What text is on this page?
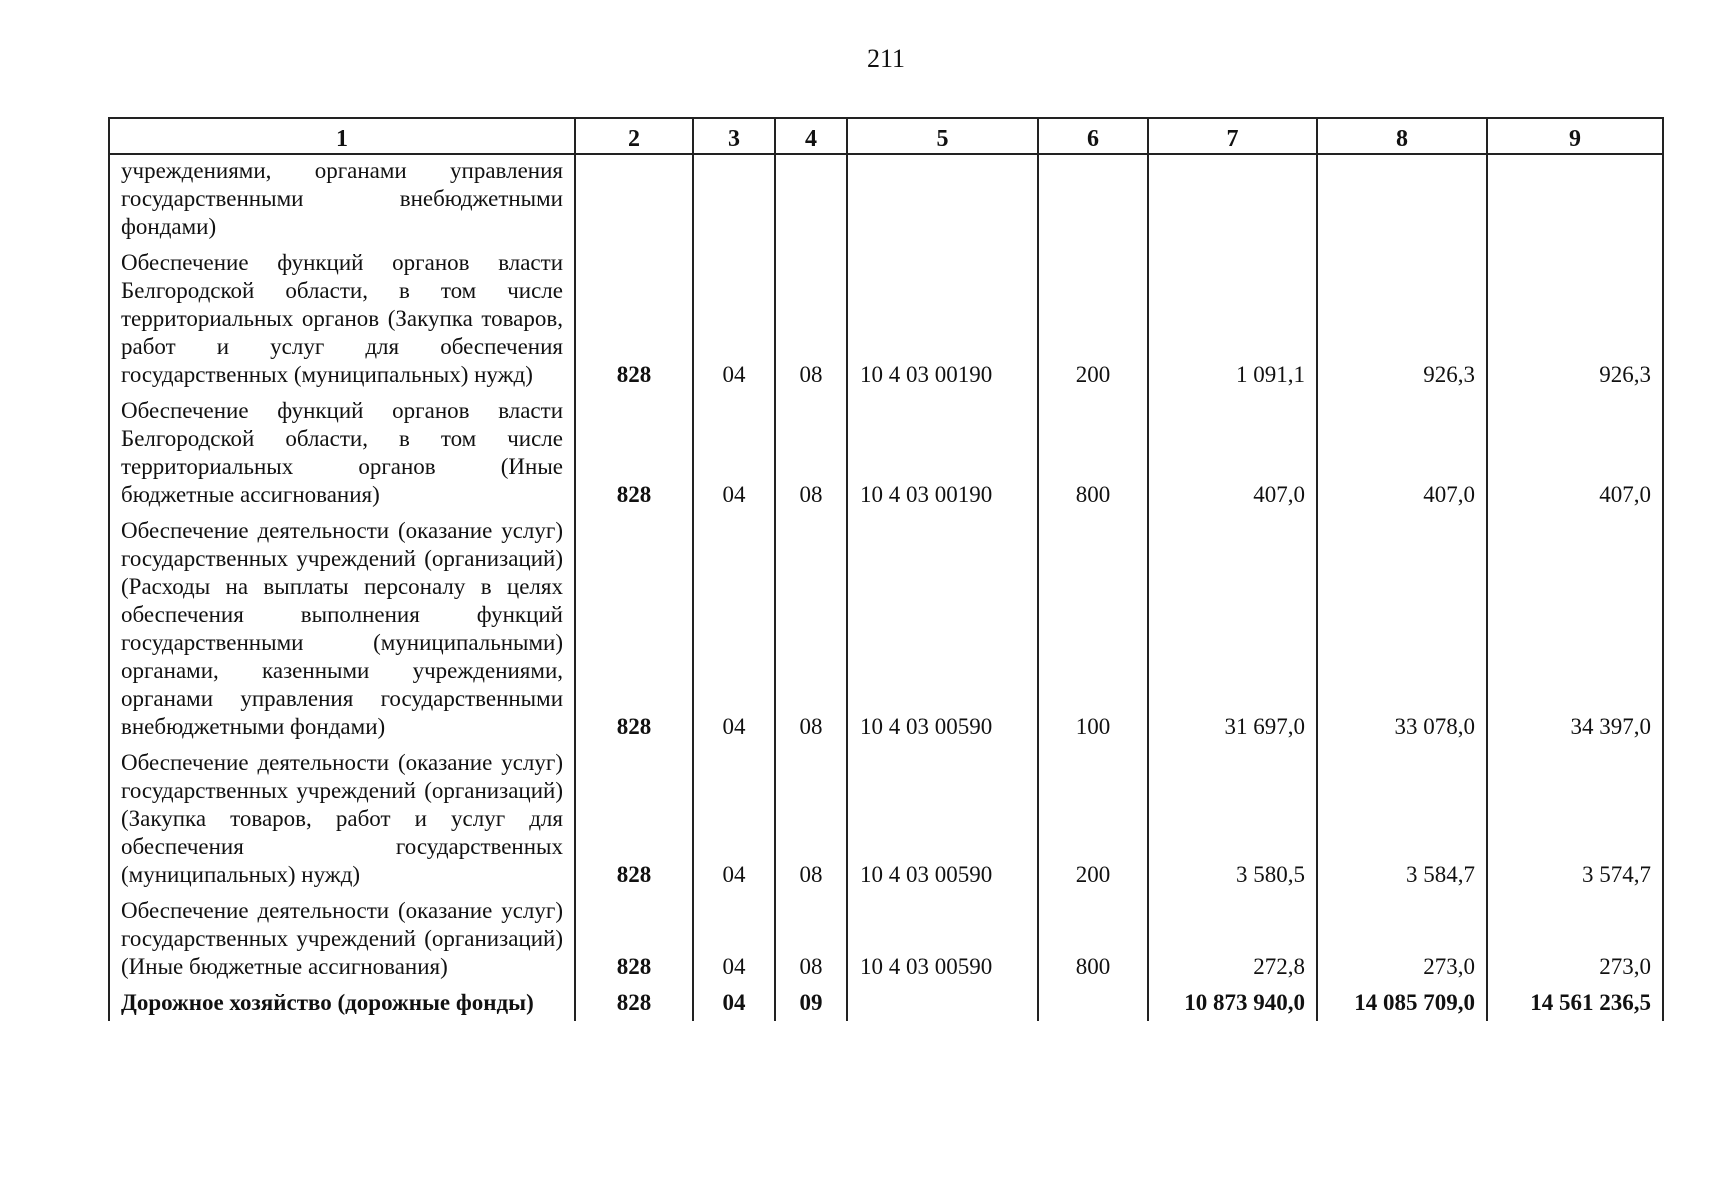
211
1	2	3	4	5	6	7	8	9
учреждениями, органами управления государственными внебюджетными фондами)								
Обеспечение функций органов власти Белгородской области, в том числе территориальных органов (Закупка товаров, работ и услуг для обеспечения государственных (муниципальных) нужд)	828	04	08	10 4 03 00190	200	1 091,1	926,3	926,3
Обеспечение функций органов власти Белгородской области, в том числе территориальных органов (Иные бюджетные ассигнования)	828	04	08	10 4 03 00190	800	407,0	407,0	407,0
Обеспечение деятельности (оказание услуг) государственных учреждений (организаций) (Расходы на выплаты персоналу в целях обеспечения выполнения функций государственными (муниципальными) органами, казенными учреждениями, органами управления государственными внебюджетными фондами)	828	04	08	10 4 03 00590	100	31 697,0	33 078,0	34 397,0
Обеспечение деятельности (оказание услуг) государственных учреждений (организаций) (Закупка товаров, работ и услуг для обеспечения государственных (муниципальных) нужд)	828	04	08	10 4 03 00590	200	3 580,5	3 584,7	3 574,7
Обеспечение деятельности (оказание услуг) государственных учреждений (организаций) (Иные бюджетные ассигнования)	828	04	08	10 4 03 00590	800	272,8	273,0	273,0
Дорожное хозяйство (дорожные фонды)	828	04	09			10 873 940,0	14 085 709,0	14 561 236,5
